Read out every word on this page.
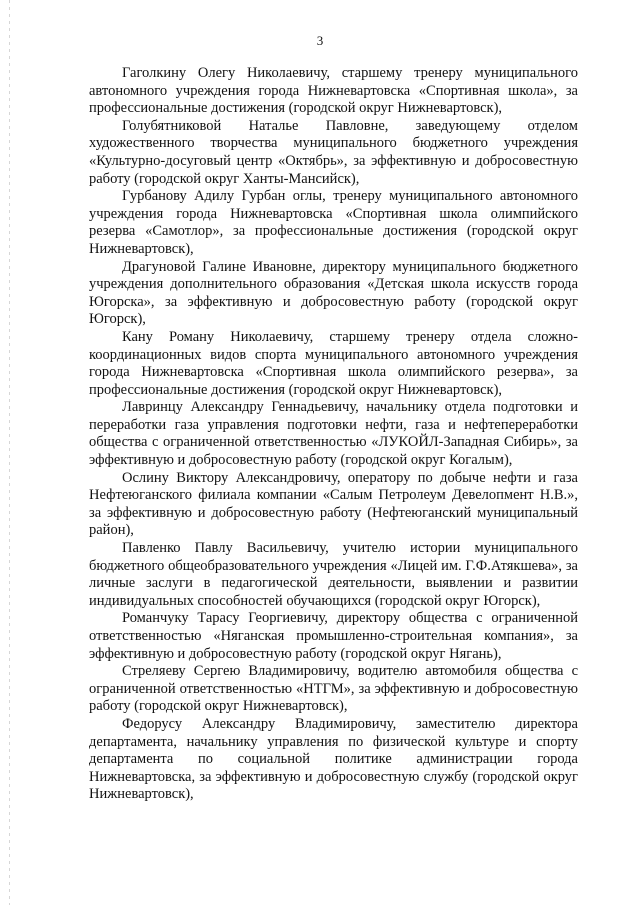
3

Гаголкину Олегу Николаевичу, старшему тренеру муниципального автономного учреждения города Нижневартовска «Спортивная школа», за профессиональные достижения (городской округ Нижневартовск),

Голубятниковой Наталье Павловне, заведующему отделом художественного творчества муниципального бюджетного учреждения «Культурно-досуговый центр «Октябрь», за эффективную и добросовестную работу (городской округ Ханты-Мансийск),

Гурбанову Адилу Гурбан оглы, тренеру муниципального автономного учреждения города Нижневартовска «Спортивная школа олимпийского резерва «Самотлор», за профессиональные достижения (городской округ Нижневартовск),

Драгуновой Галине Ивановне, директору муниципального бюджетного учреждения дополнительного образования «Детская школа искусств города Югорска», за эффективную и добросовестную работу (городской округ Югорск),

Кану Роману Николаевичу, старшему тренеру отдела сложно-координационных видов спорта муниципального автономного учреждения города Нижневартовска «Спортивная школа олимпийского резерва», за профессиональные достижения (городской округ Нижневартовск),

Лавринцу Александру Геннадьевичу, начальнику отдела подготовки и переработки газа управления подготовки нефти, газа и нефтепереработки общества с ограниченной ответственностью «ЛУКОЙЛ-Западная Сибирь», за эффективную и добросовестную работу (городской округ Когалым),

Ослину Виктору Александровичу, оператору по добыче нефти и газа Нефтеюганского филиала компании «Салым Петролеум Девелопмент Н.В.», за эффективную и добросовестную работу (Нефтеюганский муниципальный район),

Павленко Павлу Васильевичу, учителю истории муниципального бюджетного общеобразовательного учреждения «Лицей им. Г.Ф.Атякшева», за личные заслуги в педагогической деятельности, выявлении и развитии индивидуальных способностей обучающихся (городской округ Югорск),

Романчуку Тарасу Георгиевичу, директору общества с ограниченной ответственностью «Няганская промышленно-строительная компания», за эффективную и добросовестную работу (городской округ Нягань),

Стреляеву Сергею Владимировичу, водителю автомобиля общества с ограниченной ответственностью «НТГМ», за эффективную и добросовестную работу (городской округ Нижневартовск),

Федорусу Александру Владимировичу, заместителю директора департамента, начальнику управления по физической культуре и спорту департамента по социальной политике администрации города Нижневартовска, за эффективную и добросовестную службу (городской округ Нижневартовск),
